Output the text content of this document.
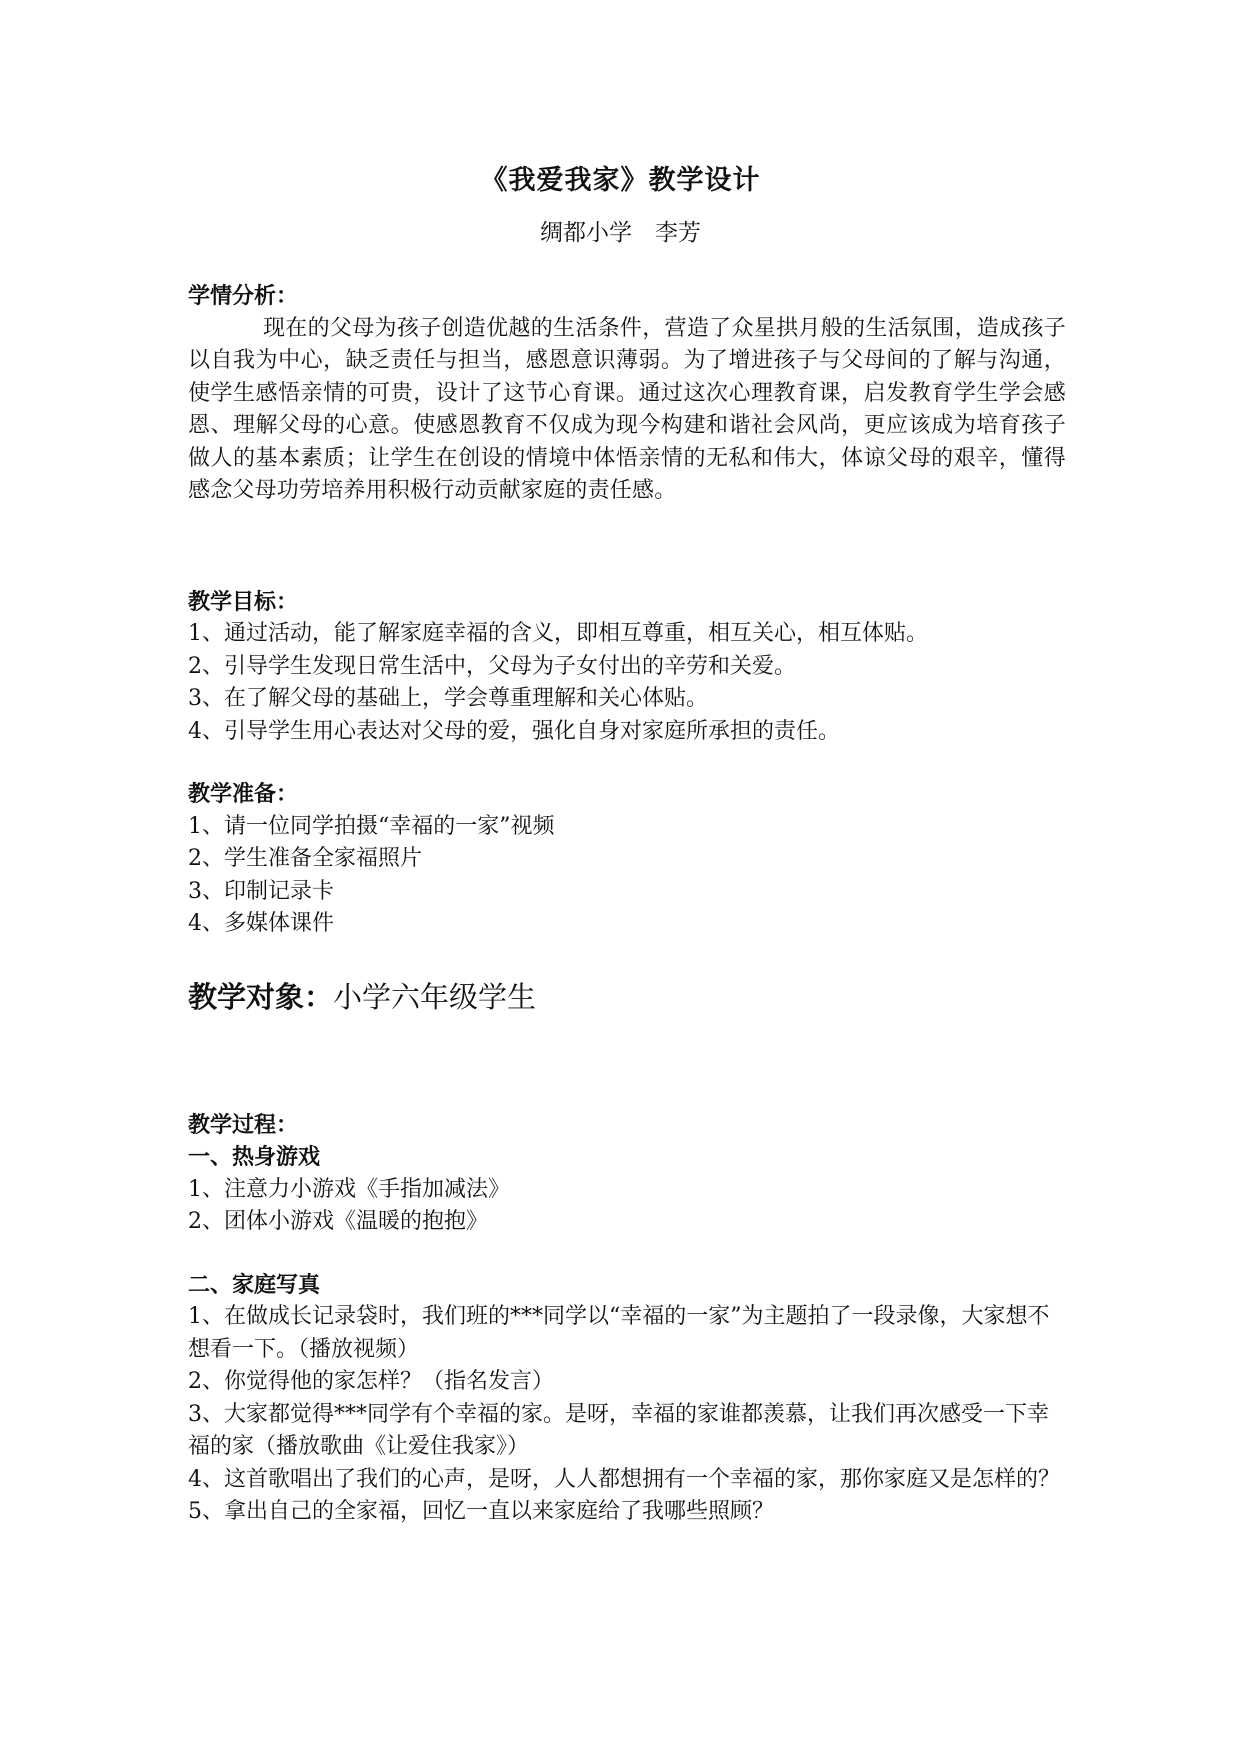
《我爱我家》教学设计
绸都小学　李芳

学情分析：

现在的父母为孩子创造优越的生活条件，营造了众星拱月般的生活氛围，造成孩子以自我为中心，缺乏责任与担当，感恩意识薄弱。为了增进孩子与父母间的了解与沟通，使学生感悟亲情的可贵，设计了这节心育课。通过这次心理教育课，启发教育学生学会感恩、理解父母的心意。使感恩教育不仅成为现今构建和谐社会风尚，更应该成为培育孩子做人的基本素质；让学生在创设的情境中体悟亲情的无私和伟大，体谅父母的艰辛，懂得感念父母功劳培养用积极行动贡献家庭的责任感。

教学目标：

1、通过活动，能了解家庭幸福的含义，即相互尊重，相互关心，相互体贴。

2、引导学生发现日常生活中，父母为子女付出的辛劳和关爱。

3、在了解父母的基础上，学会尊重理解和关心体贴。

4、引导学生用心表达对父母的爱，强化自身对家庭所承担的责任。

教学准备：

1、请一位同学拍摄“幸福的一家”视频

2、学生准备全家福照片

3、印制记录卡

4、多媒体课件

教学对象：小学六年级学生

教学过程：

一、热身游戏

1、注意力小游戏《手指加减法》

2、团体小游戏《温暖的抱抱》

二、家庭写真

1、在做成长记录袋时，我们班的***同学以“幸福的一家”为主题拍了一段录像，大家想不想看一下。（播放视频）

2、你觉得他的家怎样？（指名发言）

3、大家都觉得***同学有个幸福的家。是呀，幸福的家谁都羡慕，让我们再次感受一下幸福的家（播放歌曲《让爱住我家》）

4、这首歌唱出了我们的心声，是呀，人人都想拥有一个幸福的家，那你家庭又是怎样的？

5、拿出自己的全家福，回忆一直以来家庭给了我哪些照顾？
